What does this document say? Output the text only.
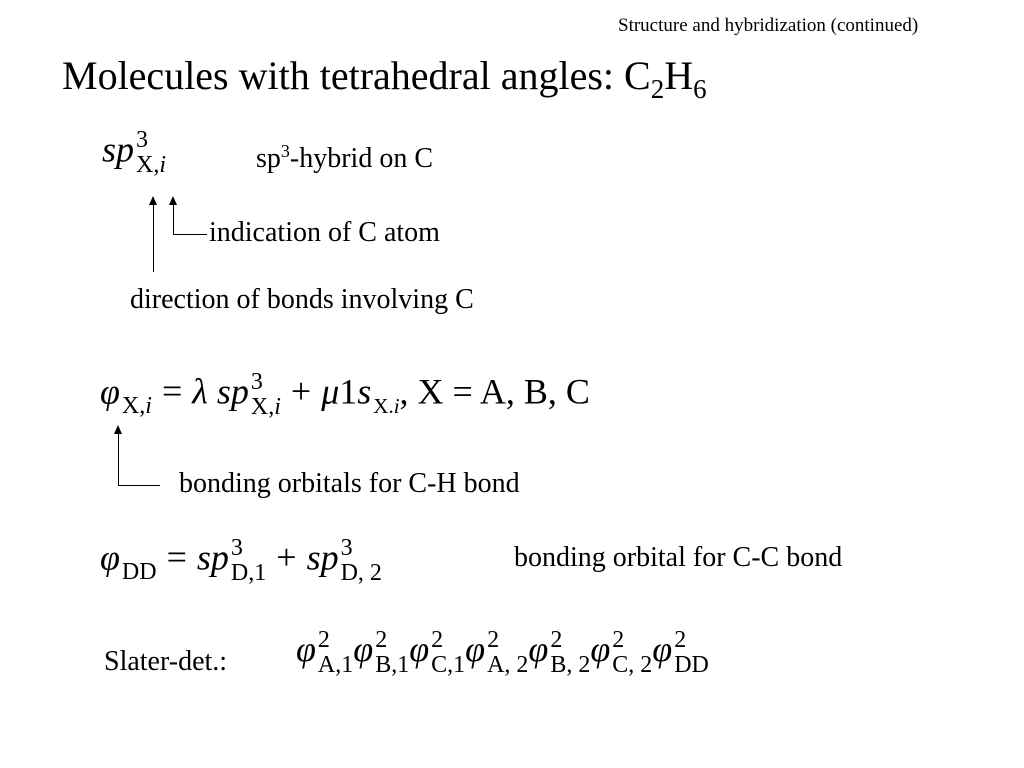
Structure and hybridization (continued)
Molecules with tetrahedral angles: $C_2H_6$
sp 3
X,i	$sp^3$-hybrid on C
indication of C atom
direction of bonds involving C
φ X,i = λ sp 3
X,i + μ1s X.i , X = A, B, C
bonding orbitals for C-H bond
φ DD = sp 3
D,1 + sp 3
D, 2
bonding orbital for C-C bond
Slater-det.: φ 2
A,1 φ 2
B,1 φ 2
C,1 φ 2
A, 2 φ 2
B, 2 φ 2
C, 2 φ 2
DD
